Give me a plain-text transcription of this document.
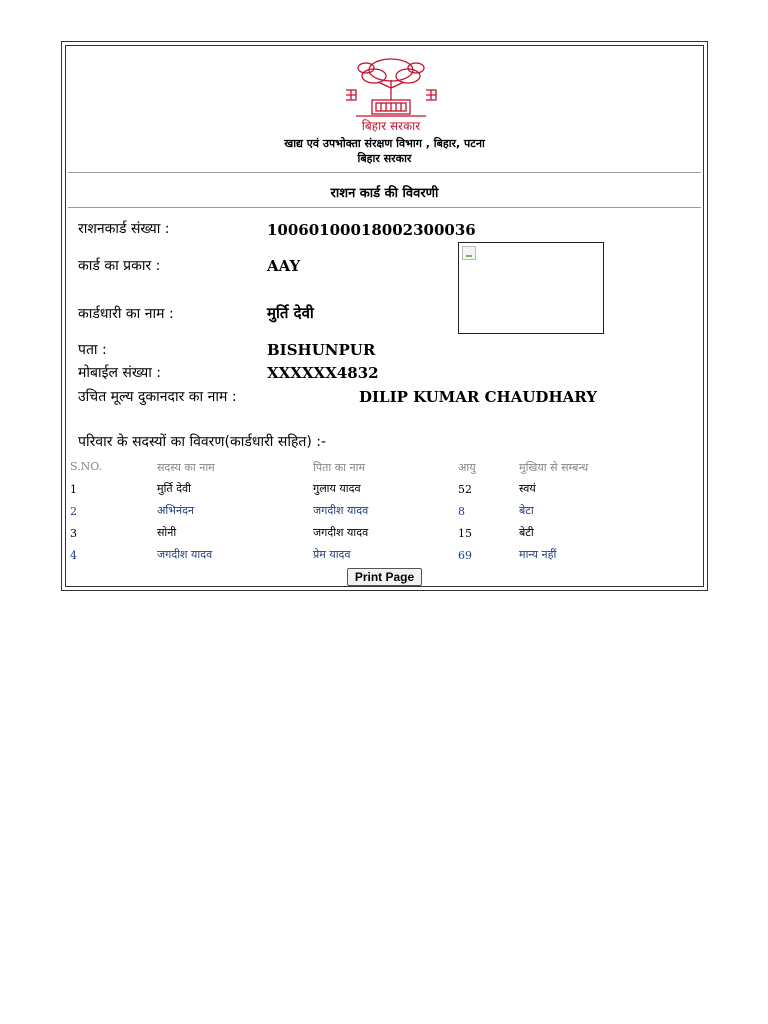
बिहार सरकार
खाद्य एवं उपभोक्ता संरक्षण विभाग , बिहार, पटना
बिहार सरकार
राशन कार्ड की विवरणी
राशनकार्ड संख्या :	10060100018002300036
कार्ड का प्रकार :	AAY
कार्डधारी का नाम :	मुर्ति देवी
पता :	BISHUNPUR
मोबाईल संख्या :	XXXXXX4832
उचित मूल्य दुकानदार का नाम :	DILIP KUMAR CHAUDHARY
परिवार के सदस्यों का विवरण(कार्डधारी सहित) :-
S.NO.	सदस्य का नाम	पिता का नाम	आयु	मुखिया से सम्बन्ध
1	मुर्ति देवी	गुलाय यादव	52	स्वयं
2	अभिनंदन	जगदीश यादव	8	बेटा
3	सोनी	जगदीश यादव	15	बेटी
4	जगदीश यादव	प्रेम यादव	69	मान्य नहीं
Print Page
